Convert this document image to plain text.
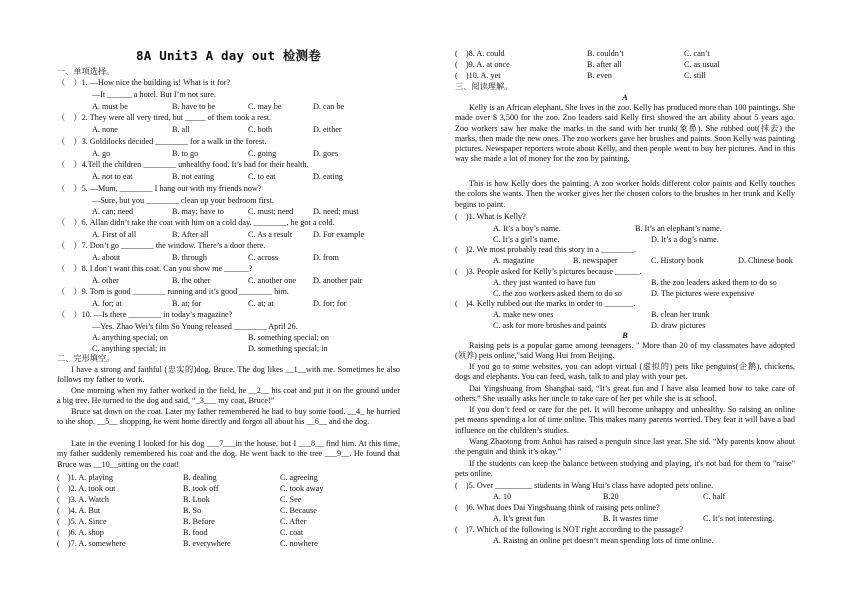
8A Unit3 A day out 检测卷
一、单项选择。
（　）1. —How nice the building is! What is it for?
—It ______ a hotel. But I’m not sure.
A. must be	B. have to be	C. may be	D. can be
（　）2. They were all very tired, but _____ of them took a rest.
A. none	B. all	C. both	D. either
（　）3. Goldilocks decided ________ for a walk in the forest.
A. go	B. to go	C. going	D. goes
（　）4.Tell the children ________ unhealthy food. It’s bad for their health.
A. not to eat	B. not eating	C. to eat	D. eating
（　）5. —Mum, ________ I hang out with my friends now?
—Sure, but you ________ clean up your bedroom first.
A. can; need	B. may; have to	C. must; need	D. need; must
（　）6. Allan didn’t take the coat with him on a cold day. ________, he got a cold.
A. First of all	B. After all	C. As a result	D. For example
（　）7. Don’t go ________ the window. There’s a door there.
A. about	B. through	C. across	D. from
（　）8. I don’t want this coat. Can you show me ______?
A. other	B. the other	C. another one	D. another pair
（　）9. Tom is good ________ running and it’s good ________ him.
A. for; at	B. at; for	C. at; at	D. for; for
（　）10. —Is there ________ in today’s magazine?
—Yes. Zhao Wei’s film So Young released ________ April 26.
A. anything special; on	B. something special; on
C. anything special; in	D. something special; in
二、完形填空。
I have a strong and faithful (忠实的)dog, Bruce. The dog likes __1__with me. Sometimes he also follows my father to work.
One morning when my father worked in the field, he __2__ his coat and put it on the ground under a big tree. He turned to the dog and said, “_3___ my coat, Bruce!”
Bruce sat down on the coat. Later my father remembered he had to buy some food. __4_ he hurried to the shop. __5__ shopping, he went home directly and forgot all about his __6__ and the dog.
Late in the evening I looked for his dog ___7___in the house, but I ___8__ find him. At this time, my father suddenly remembered his coat and the dog. He went back to the tree ___9__. He found that Bruce was __10__sitting on the coat!
(　)1. A. playing	B. dealing	C. agreeing
(　)2. A. took out	B. took off	C. took away
(　)3. A. Watch	B. Look	C. See
(　)4. A. But	B. So	C. Because
(　)5. A. Since	B. Before	C. After
(　)6. A. shop	B. food	C. coat
(　)7. A. somewhere	B. everywhere	C. nowhere
(　)8. A. could	B. couldn’t	C. can’t
(　)9. A. at once	B. after all	C. as usual
(　)10. A. yet	B. even	C. still
三、阅读理解。
A
Kelly is an African elephant. She lives in the zoo. Kelly has produced more than 100 paintings. She made over $ 3,500 for the zoo. Zoo leaders said Kelly first showed the art ability about 5 years ago. Zoo workers saw her make the marks in the sand with her trunk(象鼻). She rubbed out(抹去) the marks, then made the new ones. The zoo workers gave her brushes and paints. Soon Kelly was painting pictures. Newspaper reporters wrote about Kelly, and then people went to buy her pictures. And in this way she made a lot of money for the zoo by painting.
This is how Kelly does the painting. A zoo worker holds different color paints and Kelly touches the colors she wants. Then the worker gives her the chosen colors to the brushes in her trunk and Kelly begins to paint.
(　)1. What is Kelly?
A. It’s a boy’s name.	B. It’s an elephant’s name.
C. It’s a girl’s name.	D. It’s a dog’s name.
(　)2. We most probably read this story in a ________.
A. magazine	B. newspaper	C. History book	D. Chinese book
(　)3. People asked for Kelly’s pictures because ______.
A. they just wanted to have fun	B. the zoo leaders asked them to do so
C. the zoo workers asked them to do so	D. The pictures were expensive
(　)4. Kelly rubbed out the marks in order to _______.
A. make new ones	B. clean her trunk
C. ask for more brushes and paints	D. draw pictures
B
Raising pets is a popular game among teenagers. " More than 20 of my classmates have adopted (领养) pets online,"said Wang Hui from Beijing.
If you go to some websites, you can adopt virtual (虚拟的) pets like penguins(企鹅), chickens, dogs and elephants. You can feed, wash, talk to and play with your pet.
Dai Yingshuang from Shanghai said, “It’s great fun and I have also learned how to take care of others.” She usually asks her uncle to take care of her pet while she is at school.
If you don’t feed or care for the pet. It will become unhappy and unhealthy. So raising an online pet means spending a lot of time online. This makes many parents worried. They fear it will have a bad influence on the children’s studies.
Wang Zhaotong from Anhui has raised a penguin since last year. She sid. “My parents know about the penguin and think it’s okay.”
If the students can keep the balance between studying and playing, it's not bad for them to "raise" pets online.
(　)5. Over _________ students in Wang Hui’s class have adopted pets online.
A. 10	B.20	C. half
(　)6. What does Dai Yingshuang think of raising pets online?
A. It’s great fun	B. It wastes time	C. It’s not interesting.
(　)7. Which of the following is NOT right according to the passage?
A. Raising an online pet doesn’t mean spending lots of time online.
